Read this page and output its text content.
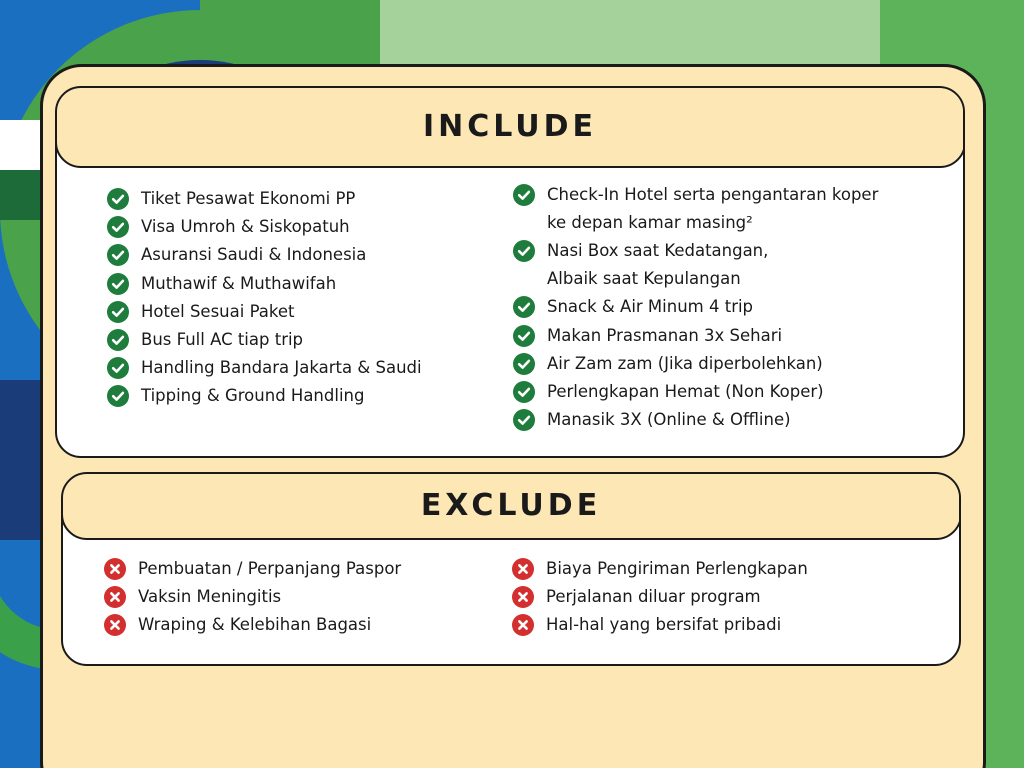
INCLUDE
Tiket Pesawat Ekonomi PP
Visa Umroh & Siskopatuh
Asuransi Saudi & Indonesia
Muthawif & Muthawifah
Hotel Sesuai Paket
Bus Full AC tiap trip
Handling Bandara Jakarta & Saudi
Tipping & Ground Handling
Check-In Hotel serta pengantaran koper
ke depan kamar masing²
Nasi Box saat Kedatangan,
Albaik saat Kepulangan
Snack & Air Minum 4 trip
Makan Prasmanan 3x Sehari
Air Zam zam (Jika diperbolehkan)
Perlengkapan Hemat (Non Koper)
Manasik 3X (Online & Offline)
EXCLUDE
Pembuatan / Perpanjang Paspor
Vaksin Meningitis
Wraping & Kelebihan Bagasi
Biaya Pengiriman Perlengkapan
Perjalanan diluar program
Hal-hal yang bersifat pribadi
